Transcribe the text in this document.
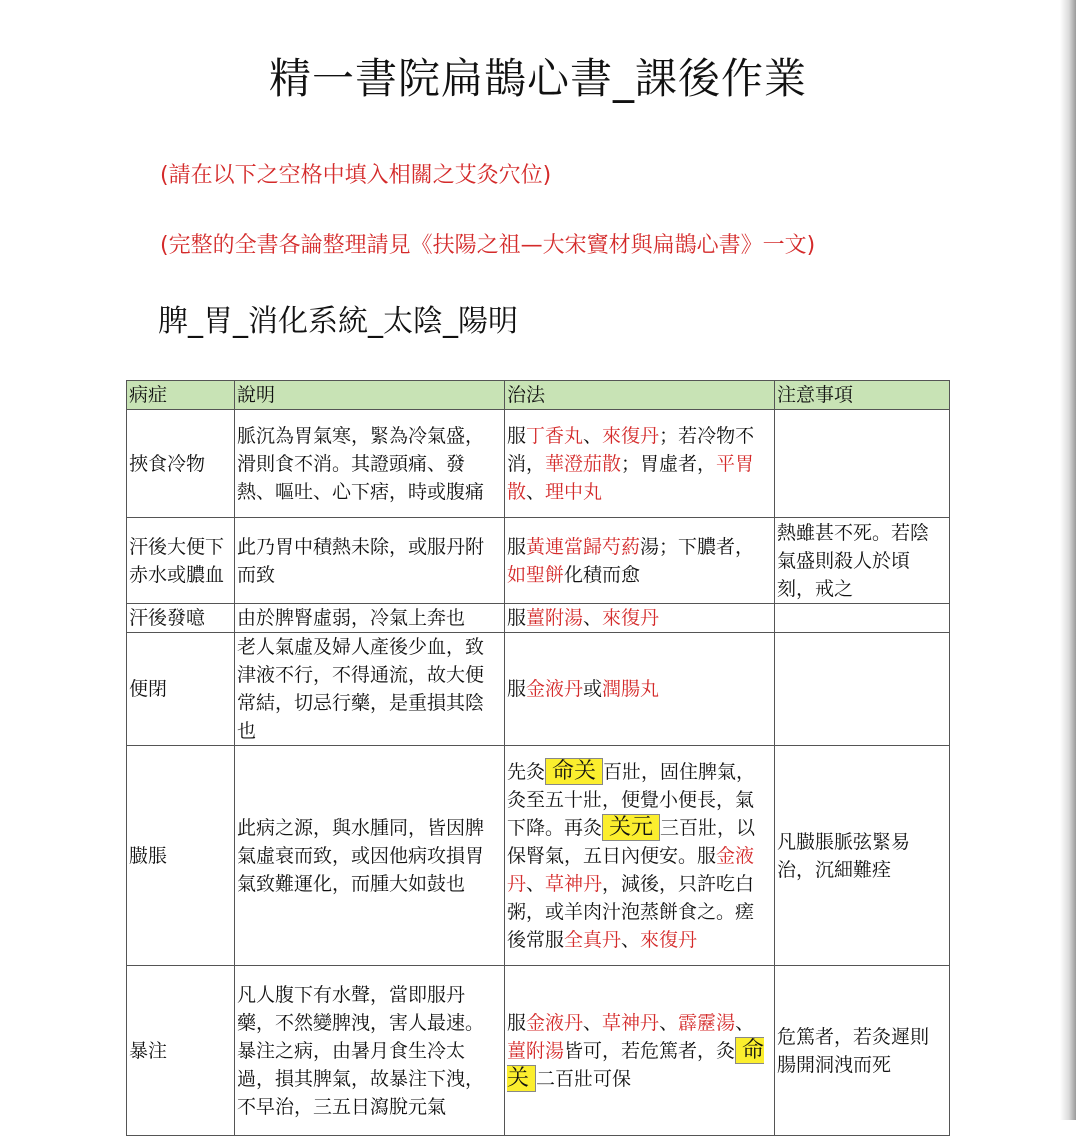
精一書院扁鵲心書_課後作業
(請在以下之空格中填入相關之艾灸穴位)
(完整的全書各論整理請見《扶陽之祖—大宋竇材與扁鵲心書》一文)
脾_胃_消化系統_太陰_陽明
病症	說明	治法	注意事項
挾食冷物	脈沉為胃氣寒，緊為冷氣盛，滑則食不消。其證頭痛、發熱、嘔吐、心下痞，時或腹痛	服丁香丸、來復丹；若冷物不消，華澄茄散；胃虛者，平胃散、理中丸	
汗後大便下赤水或膿血	此乃胃中積熱未除，或服丹附而致	服黃連當歸芍葯湯；下膿者，如聖餅化積而愈	熱雖甚不死。若陰氣盛則殺人於頃刻，戒之
汗後發噫	由於脾腎虛弱，冷氣上奔也	服薑附湯、來復丹	
便閉	老人氣虛及婦人產後少血，致津液不行，不得通流，故大便常結，切忌行藥，是重損其陰也	服金液丹或潤腸丸	
臌脹	此病之源，與水腫同，皆因脾氣虛衰而致，或因他病攻損胃氣致難運化，而腫大如鼓也	先灸 命关 百壯，固住脾氣，灸至五十壯，便覺小便長，氣下降。再灸 关元 三百壯，以保腎氣，五日內便安。服金液丹、草神丹，減後，只許吃白粥，或羊肉汁泡蒸餅食之。瘥後常服全真丹、來復丹	凡臌脹脈弦緊易治，沉細難痊
暴注	凡人腹下有水聲，當即服丹藥，不然變脾洩，害人最速。暴注之病，由暑月食生冷太過，損其脾氣，故暴注下洩，不早治，三五日瀉脫元氣	服金液丹、草神丹、霹靂湯、薑附湯皆可，若危篤者，灸 命关 二百壯可保	危篤者，若灸遲則腸開洞洩而死
